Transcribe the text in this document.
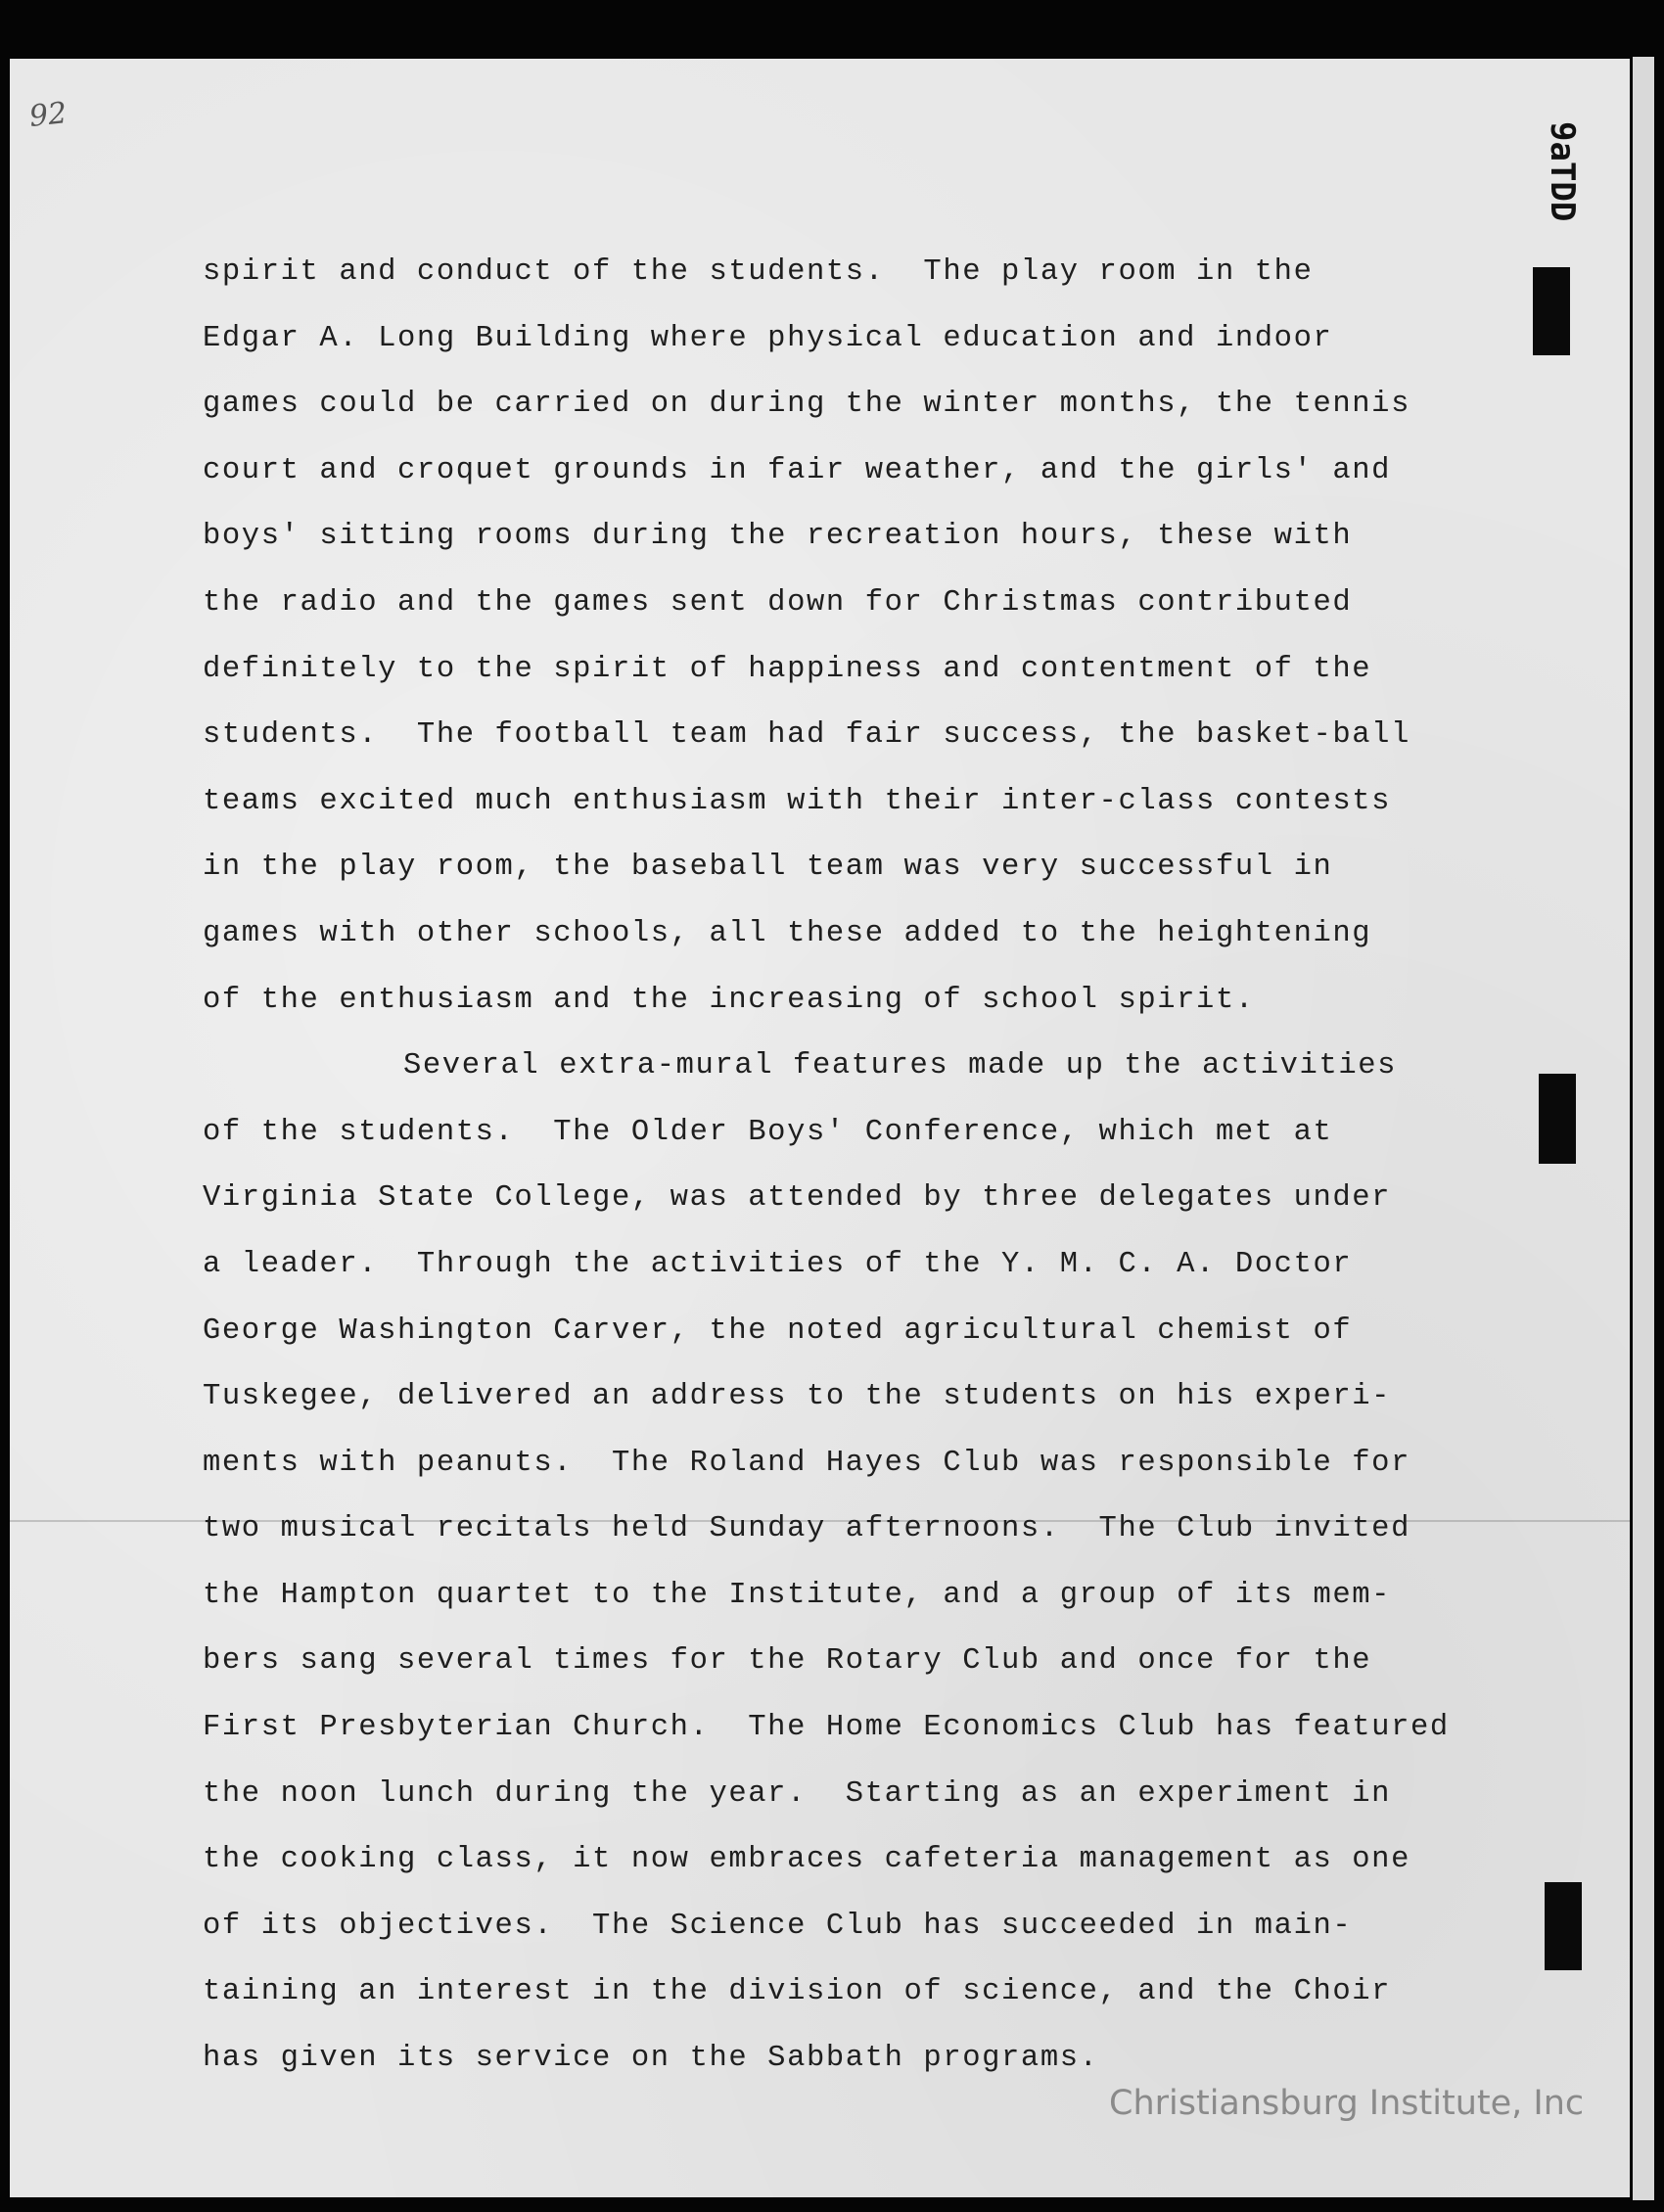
92
9aTDD
spirit and conduct of the students.  The play room in the
Edgar A. Long Building where physical education and indoor
games could be carried on during the winter months, the tennis
court and croquet grounds in fair weather, and the girls' and
boys' sitting rooms during the recreation hours, these with
the radio and the games sent down for Christmas contributed
definitely to the spirit of happiness and contentment of the
students.  The football team had fair success, the basket-ball
teams excited much enthusiasm with their inter-class contests
in the play room, the baseball team was very successful in
games with other schools, all these added to the heightening
of the enthusiasm and the increasing of school spirit.
Several extra-mural features made up the activities
of the students.  The Older Boys' Conference, which met at
Virginia State College, was attended by three delegates under
a leader.  Through the activities of the Y. M. C. A. Doctor
George Washington Carver, the noted agricultural chemist of
Tuskegee, delivered an address to the students on his experi-
ments with peanuts.  The Roland Hayes Club was responsible for
two musical recitals held Sunday afternoons.  The Club invited
the Hampton quartet to the Institute, and a group of its mem-
bers sang several times for the Rotary Club and once for the
First Presbyterian Church.  The Home Economics Club has featured
the noon lunch during the year.  Starting as an experiment in
the cooking class, it now embraces cafeteria management as one
of its objectives.  The Science Club has succeeded in main-
taining an interest in the division of science, and the Choir
has given its service on the Sabbath programs.
Christiansburg Institute, Inc
